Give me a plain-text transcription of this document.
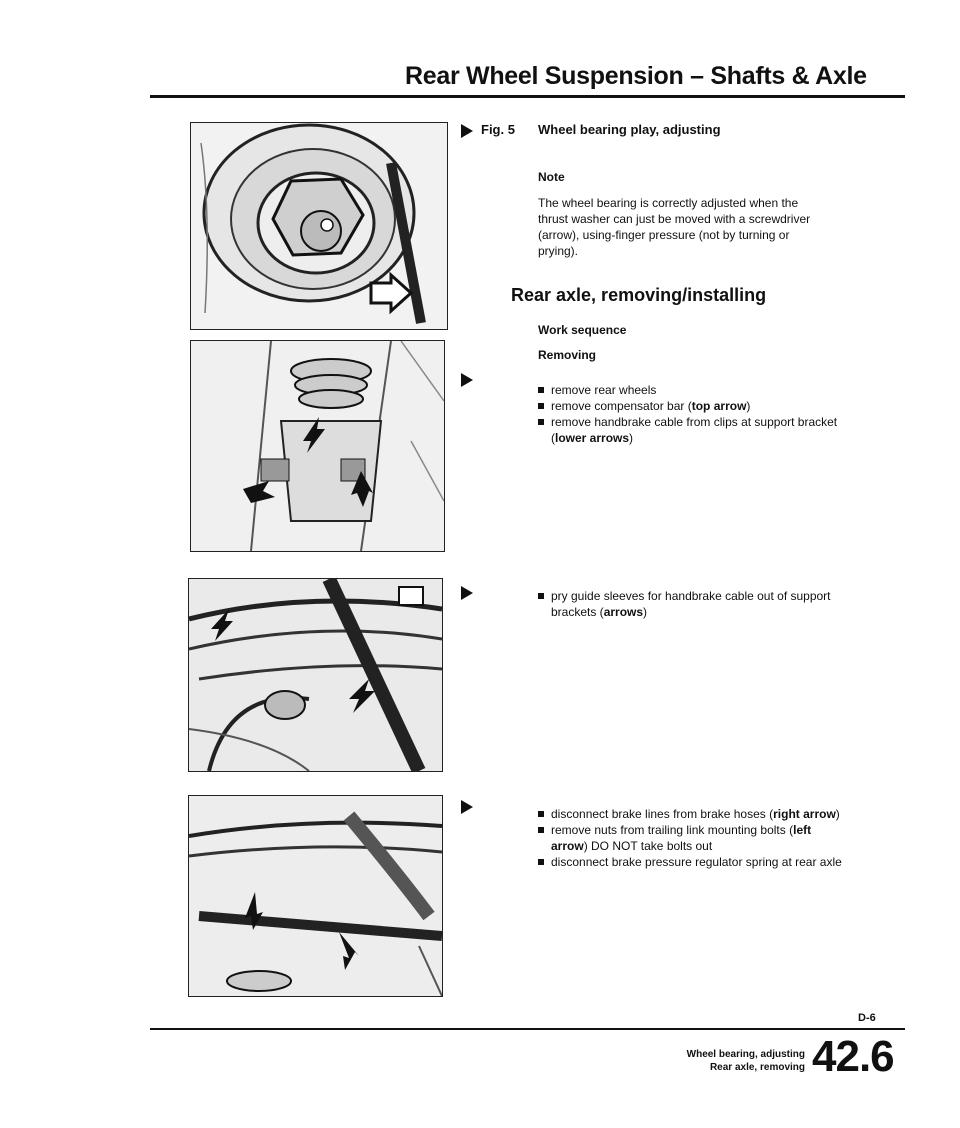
Rear Wheel Suspension – Shafts & Axle
Fig. 5 Wheel bearing play, adjusting
Note
The wheel bearing is correctly adjusted when the thrust washer can just be moved with a screwdriver (arrow), using-finger pressure (not by turning or prying).
Rear axle, removing/installing
Work sequence
Removing
remove rear wheels
remove compensator bar (top arrow)
remove handbrake cable from clips at support bracket (lower arrows)
pry guide sleeves for handbrake cable out of support brackets (arrows)
disconnect brake lines from brake hoses (right arrow)
remove nuts from trailing link mounting bolts (left arrow) DO NOT take bolts out
disconnect brake pressure regulator spring at rear axle
D-6
Wheel bearing, adjusting
Rear axle, removing 42.6
